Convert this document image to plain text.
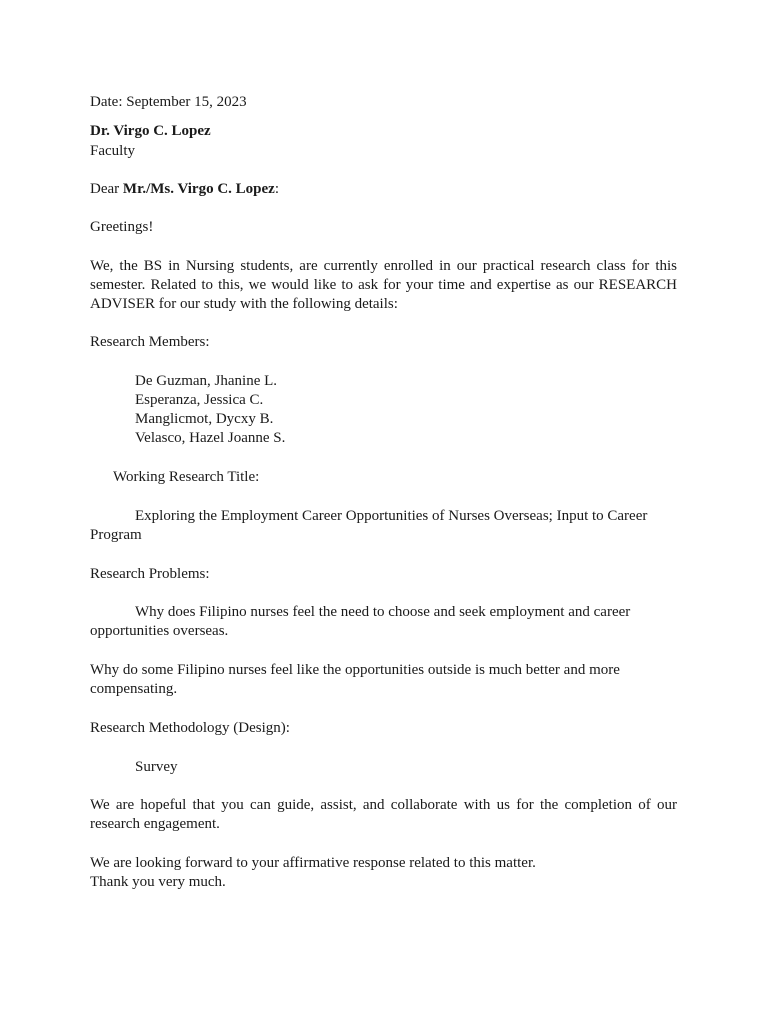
Date: September 15, 2023
Dr. Virgo C. Lopez
Faculty
Dear Mr./Ms. Virgo C. Lopez:
Greetings!
We, the BS in Nursing students, are currently enrolled in our practical research class for this
semester. Related to this, we would like to ask for your time and expertise as our RESEARCH
ADVISER for our study with the following details:
Research Members:
De Guzman, Jhanine L.
Esperanza, Jessica C.
Manglicmot, Dycxy B.
Velasco, Hazel Joanne S.
Working Research Title:
Exploring the Employment Career Opportunities of Nurses Overseas; Input to Career
Program
Research Problems:
Why does Filipino nurses feel the need to choose and seek employment and career
opportunities overseas.
Why do some Filipino nurses feel like the opportunities outside is much better and more
compensating.
Research Methodology (Design):
Survey
We are hopeful that you can guide, assist, and collaborate with us for the completion of our
research engagement.
We are looking forward to your affirmative response related to this matter.
Thank you very much.
